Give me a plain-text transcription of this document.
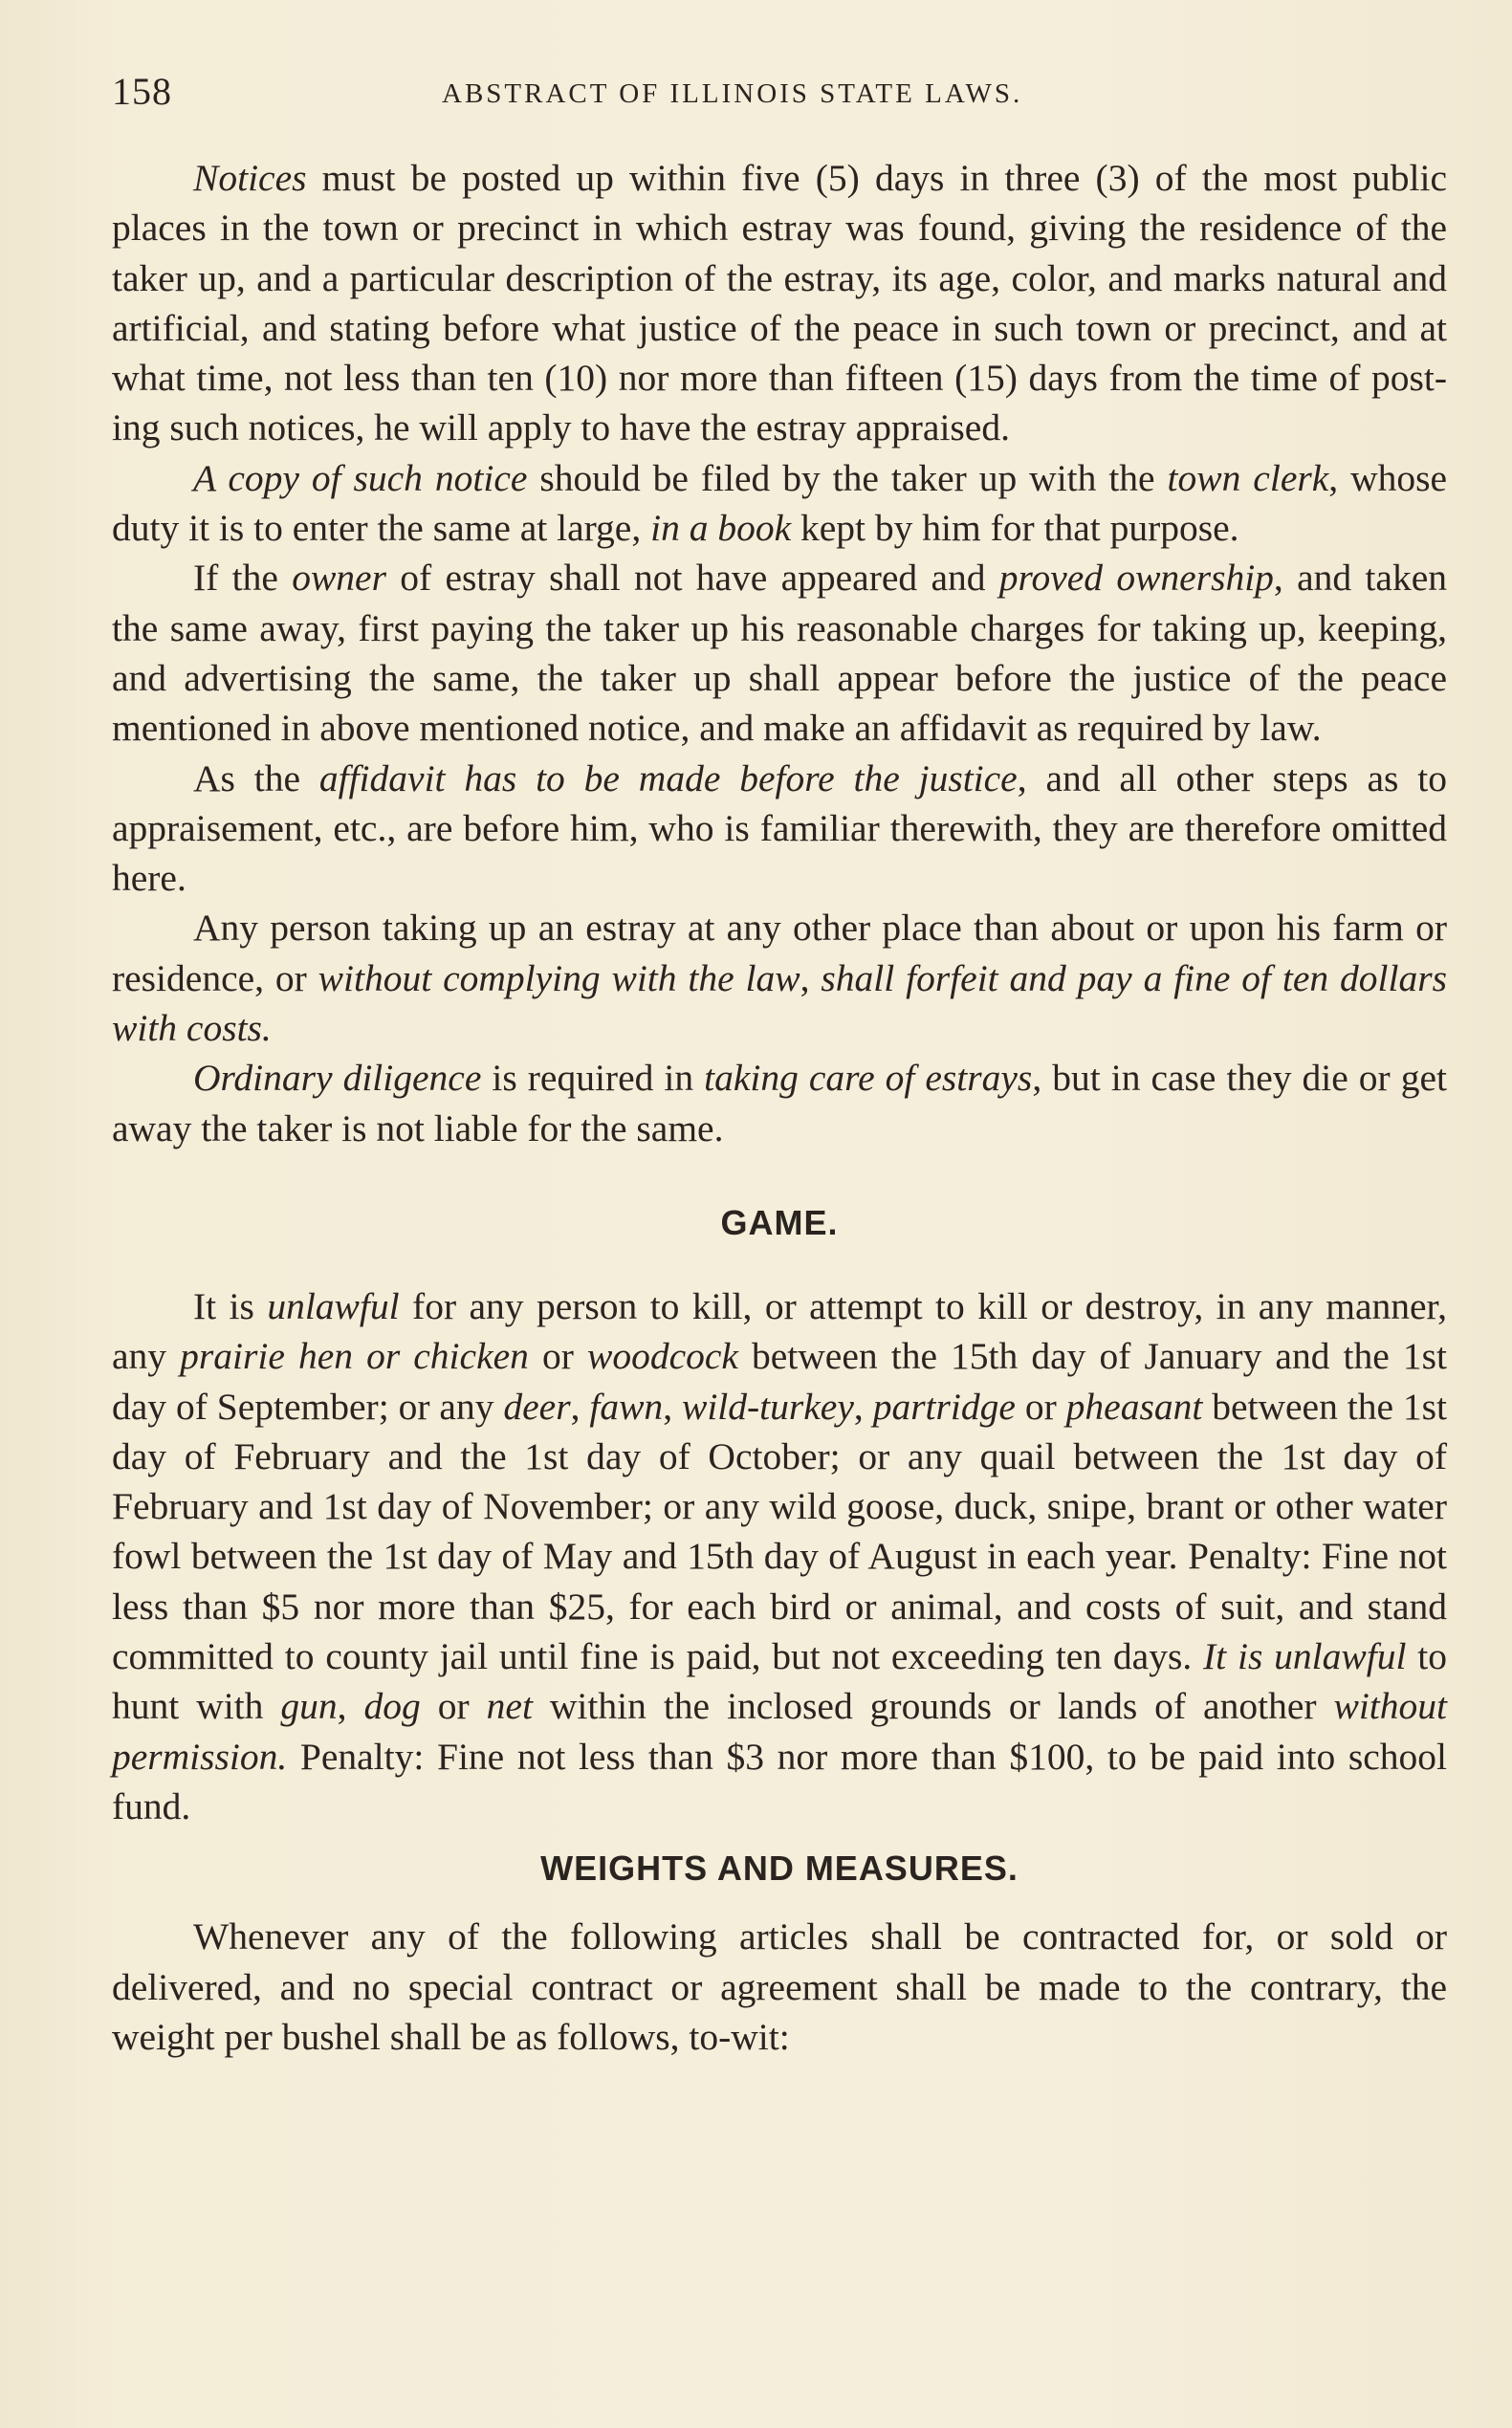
158	ABSTRACT OF ILLINOIS STATE LAWS.

Notices must be posted up within five (5) days in three (3) of the most public places in the town or precinct in which estray was found, giving the residence of the taker up, and a particular description of the estray, its age, color, and marks natural and artificial, and stating before what justice of the peace in such town or precinct, and at what time, not less than ten (10) nor more than fifteen (15) days from the time of posting such notices, he will apply to have the estray appraised.

A copy of such notice should be filed by the taker up with the town clerk, whose duty it is to enter the same at large, in a book kept by him for that purpose.

If the owner of estray shall not have appeared and proved ownership, and taken the same away, first paying the taker up his reasonable charges for taking up, keeping, and advertising the same, the taker up shall appear before the justice of the peace mentioned in above mentioned notice, and make an affidavit as required by law.

As the affidavit has to be made before the justice, and all other steps as to appraisement, etc., are before him, who is familiar therewith, they are therefore omitted here.

Any person taking up an estray at any other place than about or upon his farm or residence, or without complying with the law, shall forfeit and pay a fine of ten dollars with costs.

Ordinary diligence is required in taking care of estrays, but in case they die or get away the taker is not liable for the same.

GAME.

It is unlawful for any person to kill, or attempt to kill or destroy, in any manner, any prairie hen or chicken or woodcock between the 15th day of January and the 1st day of September; or any deer, fawn, wild-turkey, partridge or pheasant between the 1st day of February and the 1st day of October; or any quail between the 1st day of February and 1st day of November; or any wild goose, duck, snipe, brant or other water fowl between the 1st day of May and 15th day of August in each year. Penalty: Fine not less than $5 nor more than $25, for each bird or animal, and costs of suit, and stand committed to county jail until fine is paid, but not exceeding ten days. It is unlawful to hunt with gun, dog or net within the inclosed grounds or lands of another without permission. Penalty: Fine not less than $3 nor more than $100, to be paid into school fund.

WEIGHTS AND MEASURES.

Whenever any of the following articles shall be contracted for, or sold or delivered, and no special contract or agreement shall be made to the contrary, the weight per bushel shall be as follows, to-wit:
